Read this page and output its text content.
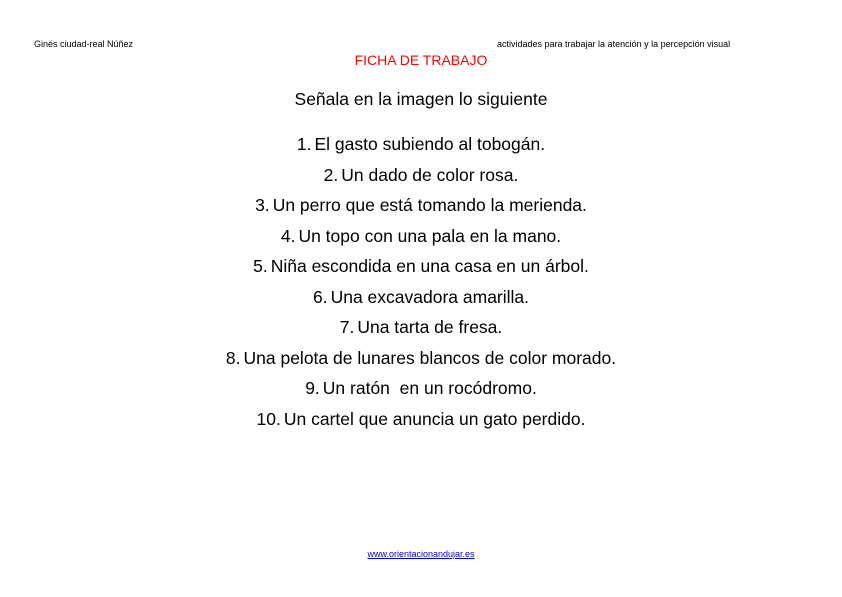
Ginés ciudad-real Núñez	actividades para trabajar la atención y la percepción visual
FICHA DE TRABAJO
Señala en la imagen lo siguiente
1. El gasto subiendo al tobogán.
2. Un dado de color rosa.
3. Un perro que está tomando la merienda.
4. Un topo con una pala en la mano.
5. Niña escondida en una casa en un árbol.
6. Una excavadora amarilla.
7. Una tarta de fresa.
8. Una pelota de lunares blancos de color morado.
9. Un ratón  en un rocódromo.
10. Un cartel que anuncia un gato perdido.
www.orientacionandujar.es
